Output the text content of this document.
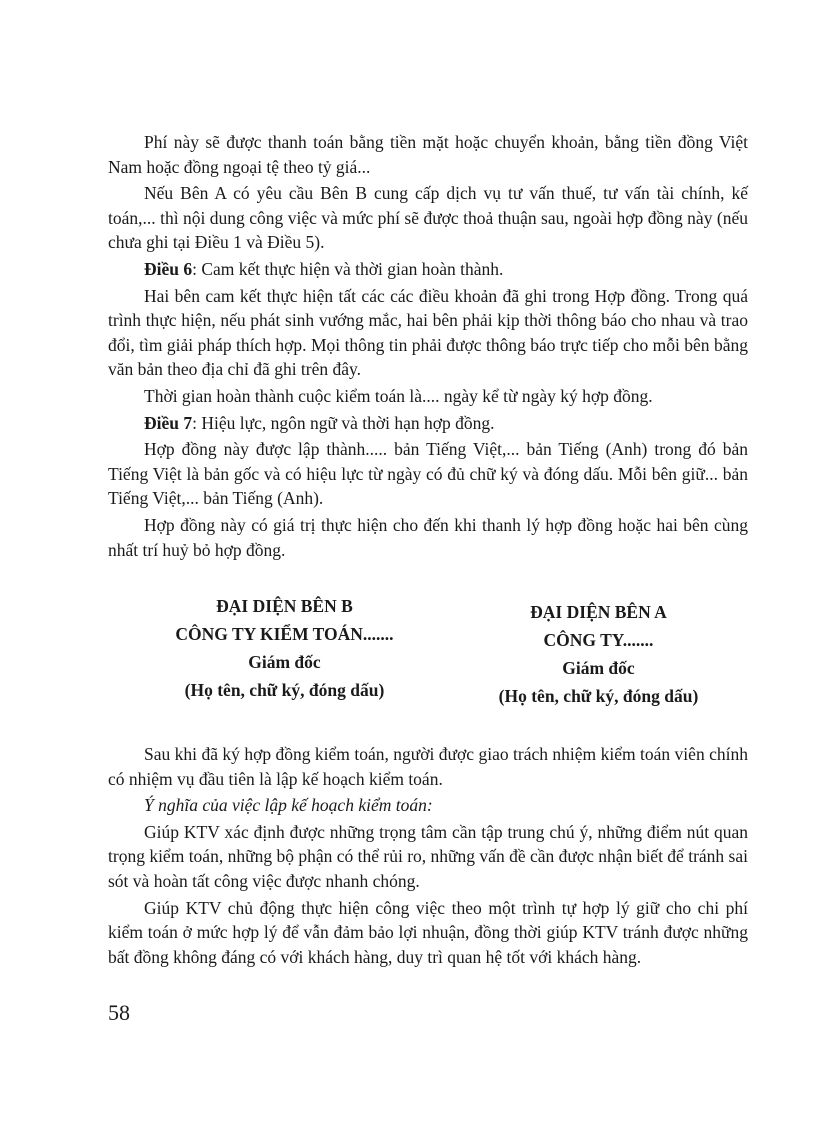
Phí này sẽ được thanh toán bằng tiền mặt hoặc chuyển khoản, bằng tiền đồng Việt Nam hoặc đồng ngoại tệ theo tỷ giá...

Nếu Bên A có yêu cầu Bên B cung cấp dịch vụ tư vấn thuế, tư vấn tài chính, kế toán,... thì nội dung công việc và mức phí sẽ được thoả thuận sau, ngoài hợp đồng này (nếu chưa ghi tại Điều 1 và Điều 5).

Điều 6: Cam kết thực hiện và thời gian hoàn thành.

Hai bên cam kết thực hiện tất các các điều khoản đã ghi trong Hợp đồng. Trong quá trình thực hiện, nếu phát sinh vướng mắc, hai bên phải kịp thời thông báo cho nhau và trao đổi, tìm giải pháp thích hợp. Mọi thông tin phải được thông báo trực tiếp cho mỗi bên bằng văn bản theo địa chỉ đã ghi trên đây.

Thời gian hoàn thành cuộc kiểm toán là.... ngày kể từ ngày ký hợp đồng.

Điều 7: Hiệu lực, ngôn ngữ và thời hạn hợp đồng.

Hợp đồng này được lập thành..... bản Tiếng Việt,... bản Tiếng (Anh) trong đó bản Tiếng Việt là bản gốc và có hiệu lực từ ngày có đủ chữ ký và đóng dấu. Mỗi bên giữ... bản Tiếng Việt,... bản Tiếng (Anh).

Hợp đồng này có giá trị thực hiện cho đến khi thanh lý hợp đồng hoặc hai bên cùng nhất trí huỷ bỏ hợp đồng.

ĐẠI DIỆN BÊN B
CÔNG TY KIỂM TOÁN.......
Giám đốc
(Họ tên, chữ ký, đóng dấu)
ĐẠI DIỆN BÊN A
CÔNG TY.......
Giám đốc
(Họ tên, chữ ký, đóng dấu)

Sau khi đã ký hợp đồng kiểm toán, người được giao trách nhiệm kiểm toán viên chính có nhiệm vụ đầu tiên là lập kế hoạch kiểm toán.

Ý nghĩa của việc lập kế hoạch kiểm toán:

Giúp KTV xác định được những trọng tâm cần tập trung chú ý, những điểm nút quan trọng kiểm toán, những bộ phận có thể rủi ro, những vấn đề cần được nhận biết để tránh sai sót và hoàn tất công việc được nhanh chóng.

Giúp KTV chủ động thực hiện công việc theo một trình tự hợp lý giữ cho chi phí kiểm toán ở mức hợp lý để vẫn đảm bảo lợi nhuận, đồng thời giúp KTV tránh được những bất đồng không đáng có với khách hàng, duy trì quan hệ tốt với khách hàng.

58
